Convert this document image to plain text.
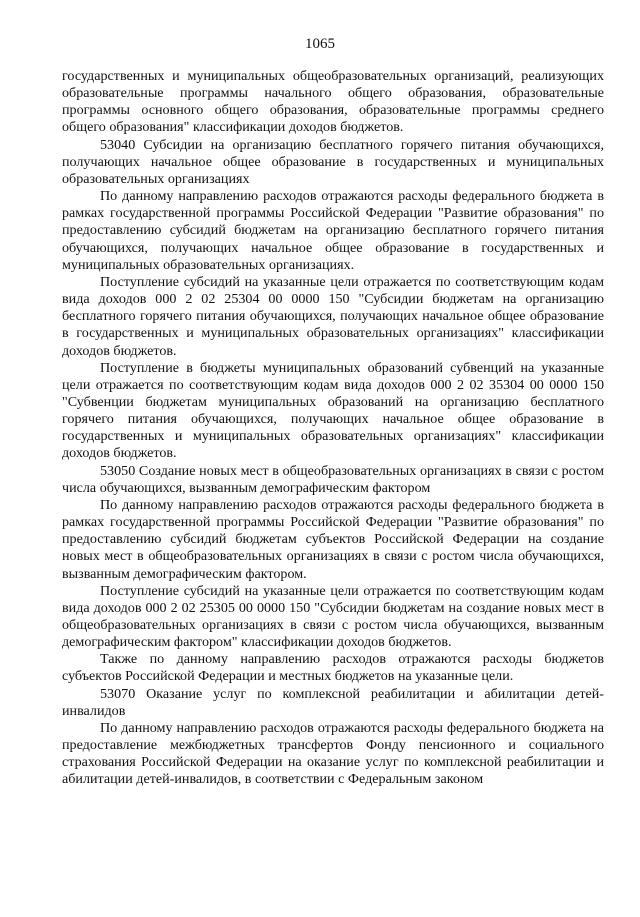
1065

государственных и муниципальных общеобразовательных организаций, реализующих образовательные программы начального общего образования, образовательные программы основного общего образования, образовательные программы среднего общего образования" классификации доходов бюджетов.

53040 Субсидии на организацию бесплатного горячего питания обучающихся, получающих начальное общее образование в государственных и муниципальных образовательных организациях

По данному направлению расходов отражаются расходы федерального бюджета в рамках государственной программы Российской Федерации "Развитие образования" по предоставлению субсидий бюджетам на организацию бесплатного горячего питания обучающихся, получающих начальное общее образование в государственных и муниципальных образовательных организациях.

Поступление субсидий на указанные цели отражается по соответствующим кодам вида доходов 000 2 02 25304 00 0000 150 "Субсидии бюджетам на организацию бесплатного горячего питания обучающихся, получающих начальное общее образование в государственных и муниципальных образовательных организациях" классификации доходов бюджетов.

Поступление в бюджеты муниципальных образований субвенций на указанные цели отражается по соответствующим кодам вида доходов 000 2 02 35304 00 0000 150 "Субвенции бюджетам муниципальных образований на организацию бесплатного горячего питания обучающихся, получающих начальное общее образование в государственных и муниципальных образовательных организациях" классификации доходов бюджетов.

53050 Создание новых мест в общеобразовательных организациях в связи с ростом числа обучающихся, вызванным демографическим фактором

По данному направлению расходов отражаются расходы федерального бюджета в рамках государственной программы Российской Федерации "Развитие образования" по предоставлению субсидий бюджетам субъектов Российской Федерации на создание новых мест в общеобразовательных организациях в связи с ростом числа обучающихся, вызванным демографическим фактором.

Поступление субсидий на указанные цели отражается по соответствующим кодам вида доходов 000 2 02 25305 00 0000 150 "Субсидии бюджетам на создание новых мест в общеобразовательных организациях в связи с ростом числа обучающихся, вызванным демографическим фактором" классификации доходов бюджетов.

Также по данному направлению расходов отражаются расходы бюджетов субъектов Российской Федерации и местных бюджетов на указанные цели.

53070 Оказание услуг по комплексной реабилитации и абилитации детей-инвалидов

По данному направлению расходов отражаются расходы федерального бюджета на предоставление межбюджетных трансфертов Фонду пенсионного и социального страхования Российской Федерации на оказание услуг по комплексной реабилитации и абилитации детей-инвалидов, в соответствии с Федеральным законом
